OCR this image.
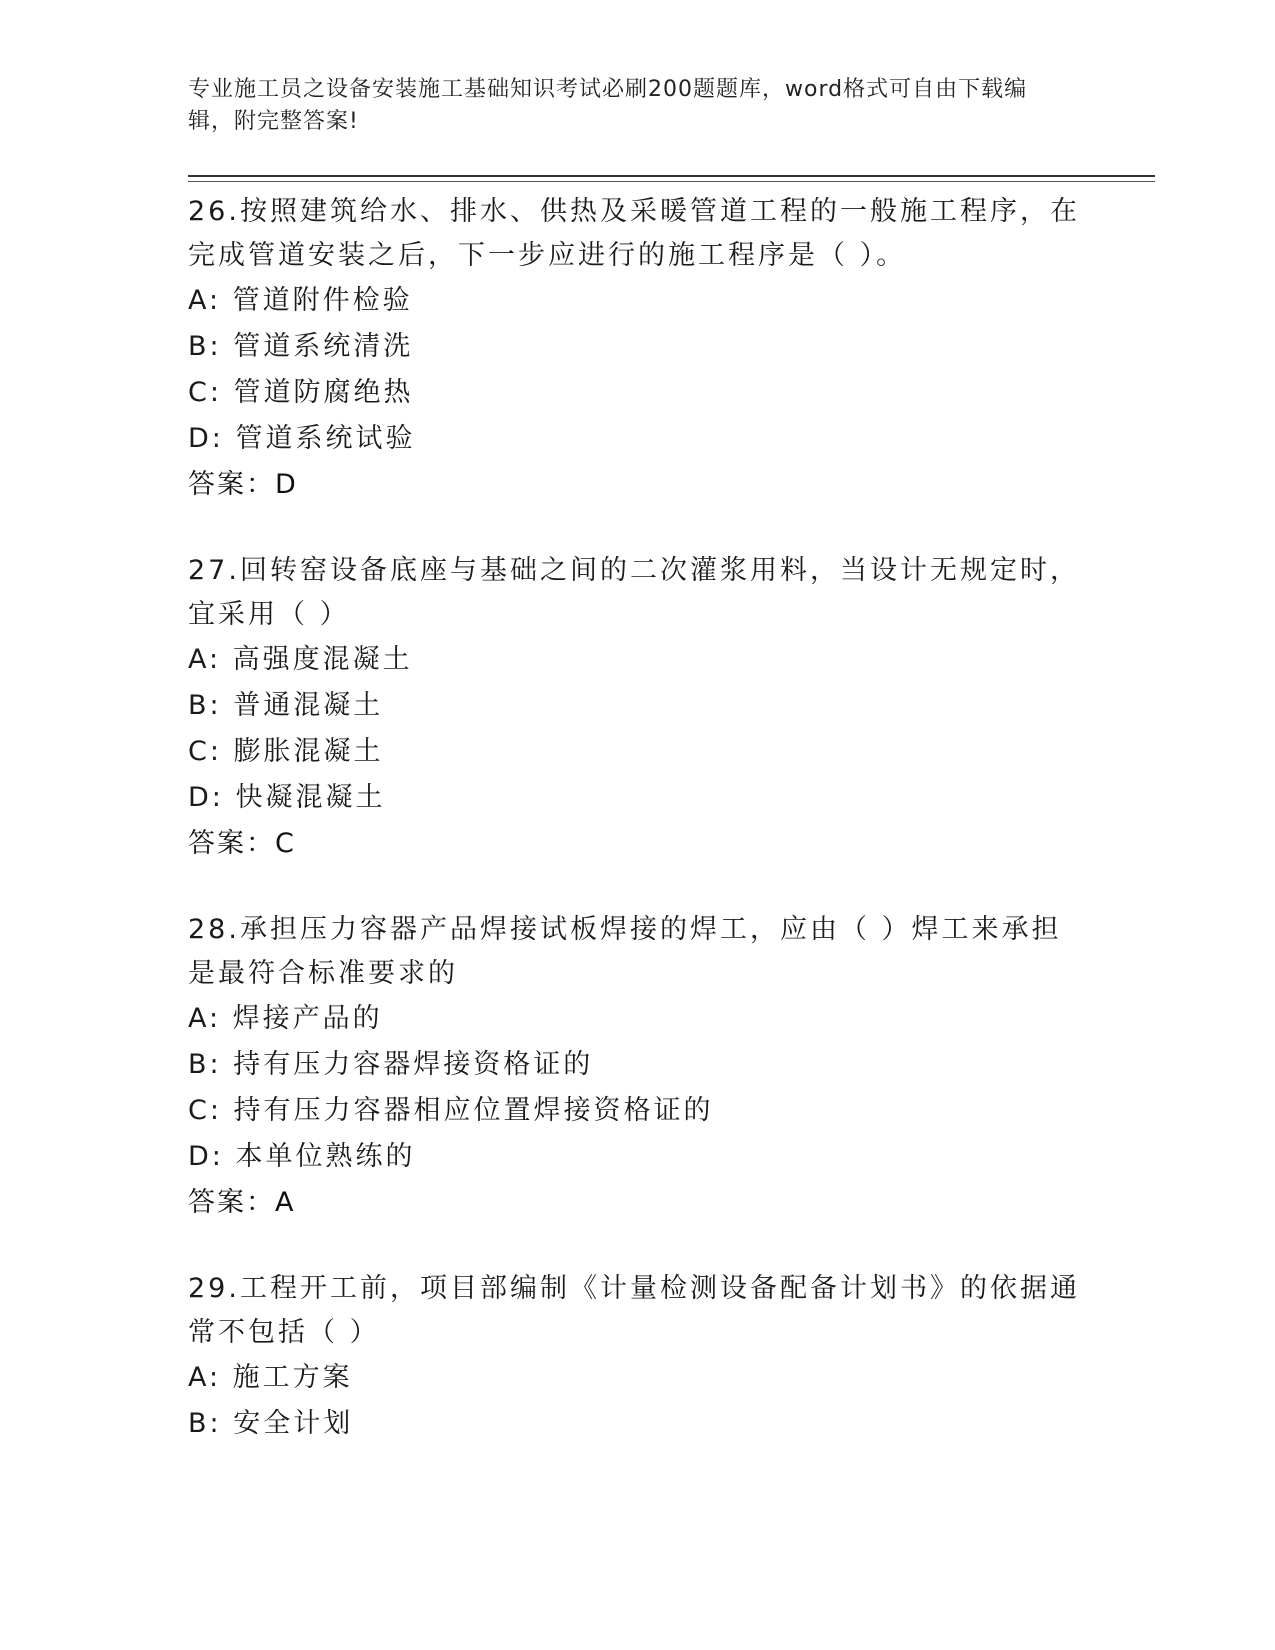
专业施工员之设备安装施工基础知识考试必刷200题题库，word格式可自由下载编辑，附完整答案!

26.按照建筑给水、排水、供热及采暖管道工程的一般施工程序，在完成管道安装之后，下一步应进行的施工程序是（ ）。

A: 管道附件检验

B: 管道系统清洗

C: 管道防腐绝热

D: 管道系统试验

答案：D

27.回转窑设备底座与基础之间的二次灌浆用料，当设计无规定时，宜采用（ ）

A: 高强度混凝土

B: 普通混凝土

C: 膨胀混凝土

D: 快凝混凝土

答案：C

28.承担压力容器产品焊接试板焊接的焊工，应由（ ）焊工来承担是最符合标准要求的

A: 焊接产品的

B: 持有压力容器焊接资格证的

C: 持有压力容器相应位置焊接资格证的

D: 本单位熟练的

答案：A

29.工程开工前，项目部编制《计量检测设备配备计划书》的依据通常不包括（ ）

A: 施工方案

B: 安全计划
